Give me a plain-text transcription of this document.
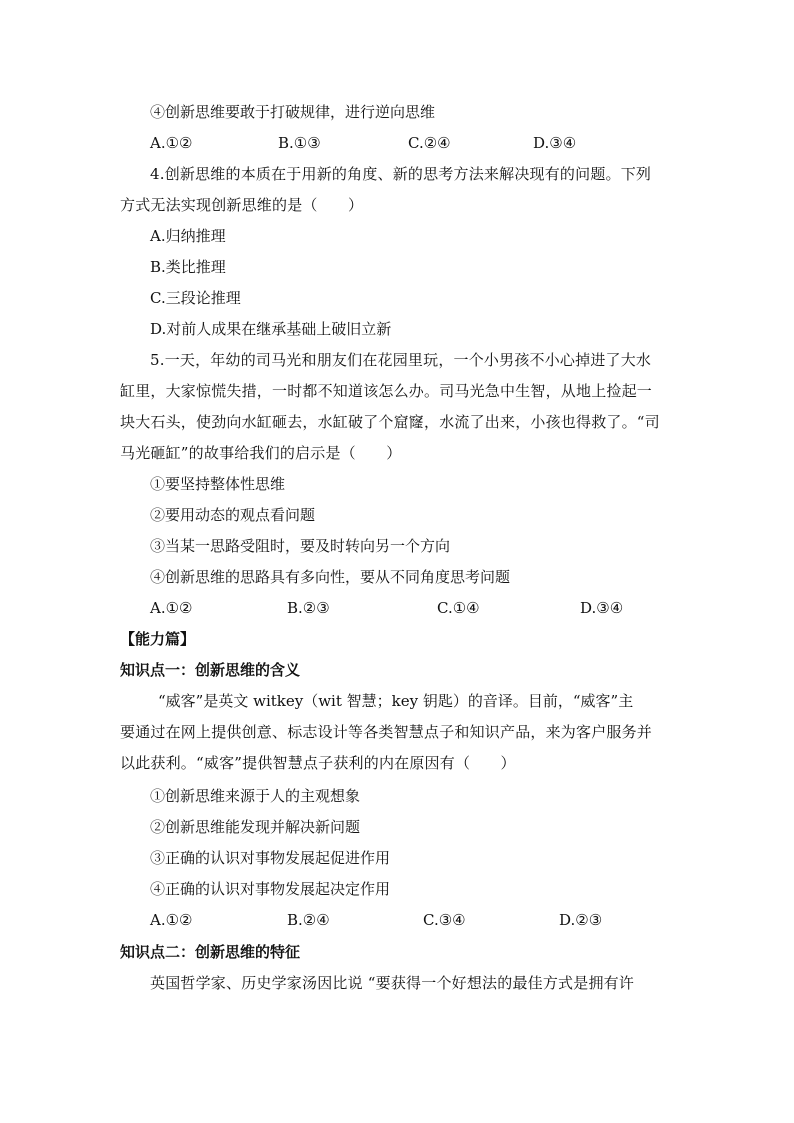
④创新思维要敢于打破规律，进行逆向思维
A.①②	B.①③	C.②④	D.③④
4.创新思维的本质在于用新的角度、新的思考方法来解决现有的问题。下列
方式无法实现创新思维的是（　　）
A.归纳推理
B.类比推理
C.三段论推理
D.对前人成果在继承基础上破旧立新
5.一天，年幼的司马光和朋友们在花园里玩，一个小男孩不小心掉进了大水
缸里，大家惊慌失措，一时都不知道该怎么办。司马光急中生智，从地上捡起一
块大石头，使劲向水缸砸去，水缸破了个窟窿，水流了出来，小孩也得救了。“司
马光砸缸”的故事给我们的启示是（　　）
①要坚持整体性思维
②要用动态的观点看问题
③当某一思路受阻时，要及时转向另一个方向
④创新思维的思路具有多向性，要从不同角度思考问题
A.①②	B.②③	C.①④	D.③④
【能力篇】
知识点一：创新思维的含义
“威客”是英文 witkey（wit 智慧；key 钥匙）的音译。目前，“威客”主
要通过在网上提供创意、标志设计等各类智慧点子和知识产品，来为客户服务并
以此获利。“威客”提供智慧点子获利的内在原因有（　　）
①创新思维来源于人的主观想象
②创新思维能发现并解决新问题
③正确的认识对事物发展起促进作用
④正确的认识对事物发展起决定作用
A.①②	B.②④	C.③④	D.②③
知识点二：创新思维的特征
英国哲学家、历史学家汤因比说 “要获得一个好想法的最佳方式是拥有许
